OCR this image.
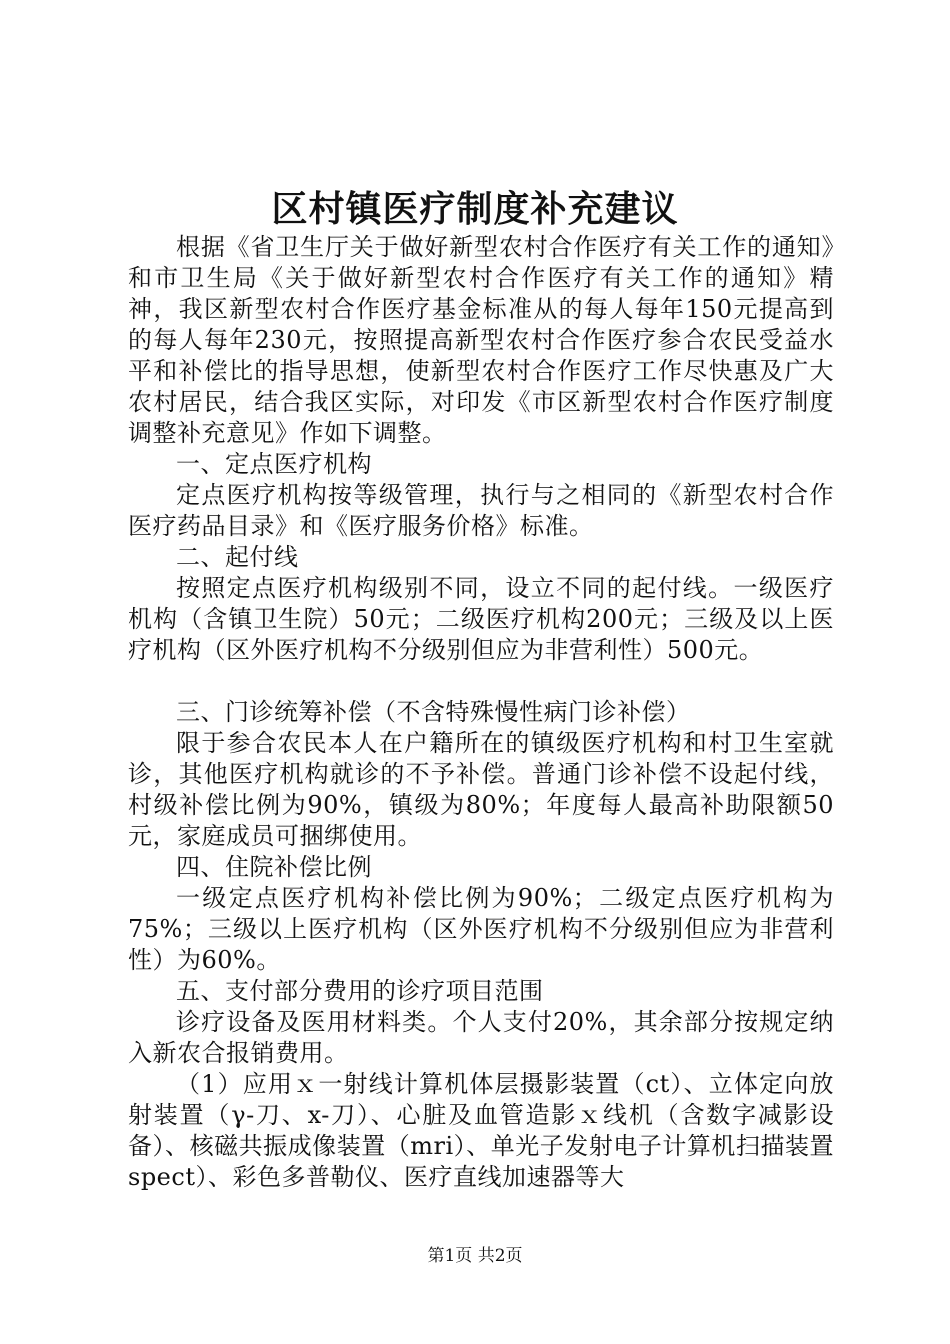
区村镇医疗制度补充建议

根据《省卫生厅关于做好新型农村合作医疗有关工作的通知》和市卫生局《关于做好新型农村合作医疗有关工作的通知》精神，我区新型农村合作医疗基金标准从的每人每年150元提高到的每人每年230元，按照提高新型农村合作医疗参合农民受益水平和补偿比的指导思想，使新型农村合作医疗工作尽快惠及广大农村居民，结合我区实际，对印发《市区新型农村合作医疗制度调整补充意见》作如下调整。

一、定点医疗机构

定点医疗机构按等级管理，执行与之相同的《新型农村合作医疗药品目录》和《医疗服务价格》标准。

二、起付线

按照定点医疗机构级别不同，设立不同的起付线。一级医疗机构（含镇卫生院）50元；二级医疗机构200元；三级及以上医疗机构（区外医疗机构不分级别但应为非营利性）500元。

三、门诊统筹补偿（不含特殊慢性病门诊补偿）

限于参合农民本人在户籍所在的镇级医疗机构和村卫生室就诊，其他医疗机构就诊的不予补偿。普通门诊补偿不设起付线，村级补偿比例为90%，镇级为80%；年度每人最高补助限额50元，家庭成员可捆绑使用。

四、住院补偿比例

一级定点医疗机构补偿比例为90%；二级定点医疗机构为75%；三级以上医疗机构（区外医疗机构不分级别但应为非营利性）为60%。

五、支付部分费用的诊疗项目范围

诊疗设备及医用材料类。个人支付20%，其余部分按规定纳入新农合报销费用。

（1）应用ｘ一射线计算机体层摄影装置（ct）、立体定向放射装置（γ-刀、x-刀）、心脏及血管造影ｘ线机（含数字减影设备）、核磁共振成像装置（mri）、单光子发射电子计算机扫描装置spect）、彩色多普勒仪、医疗直线加速器等大

第1页 共2页
